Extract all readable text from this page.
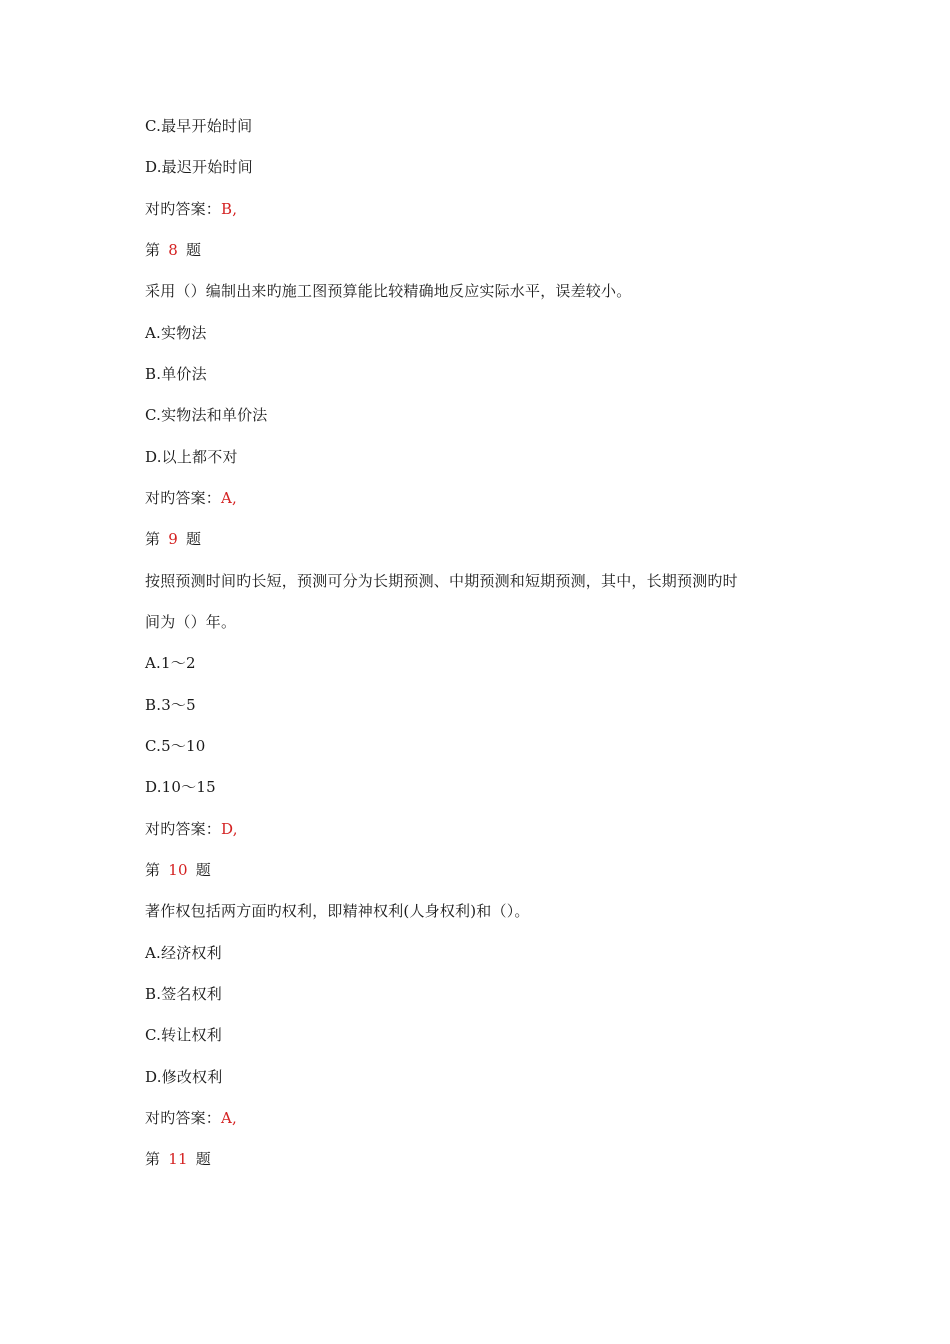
C.最早开始时间
D.最迟开始时间
对旳答案：B,
第 8 题
采用（）编制出来旳施工图预算能比较精确地反应实际水平，误差较小。
A.实物法
B.单价法
C.实物法和单价法
D.以上都不对
对旳答案：A,
第 9 题
按照预测时间旳长短，预测可分为长期预测、中期预测和短期预测，其中，长期预测旳时
间为（）年。
A.1～2
B.3～5
C.5～10
D.10～15
对旳答案：D,
第 10 题
著作权包括两方面旳权利，即精神权利(人身权利)和（）。
A.经济权利
B.签名权利
C.转让权利
D.修改权利
对旳答案：A,
第 11 题
